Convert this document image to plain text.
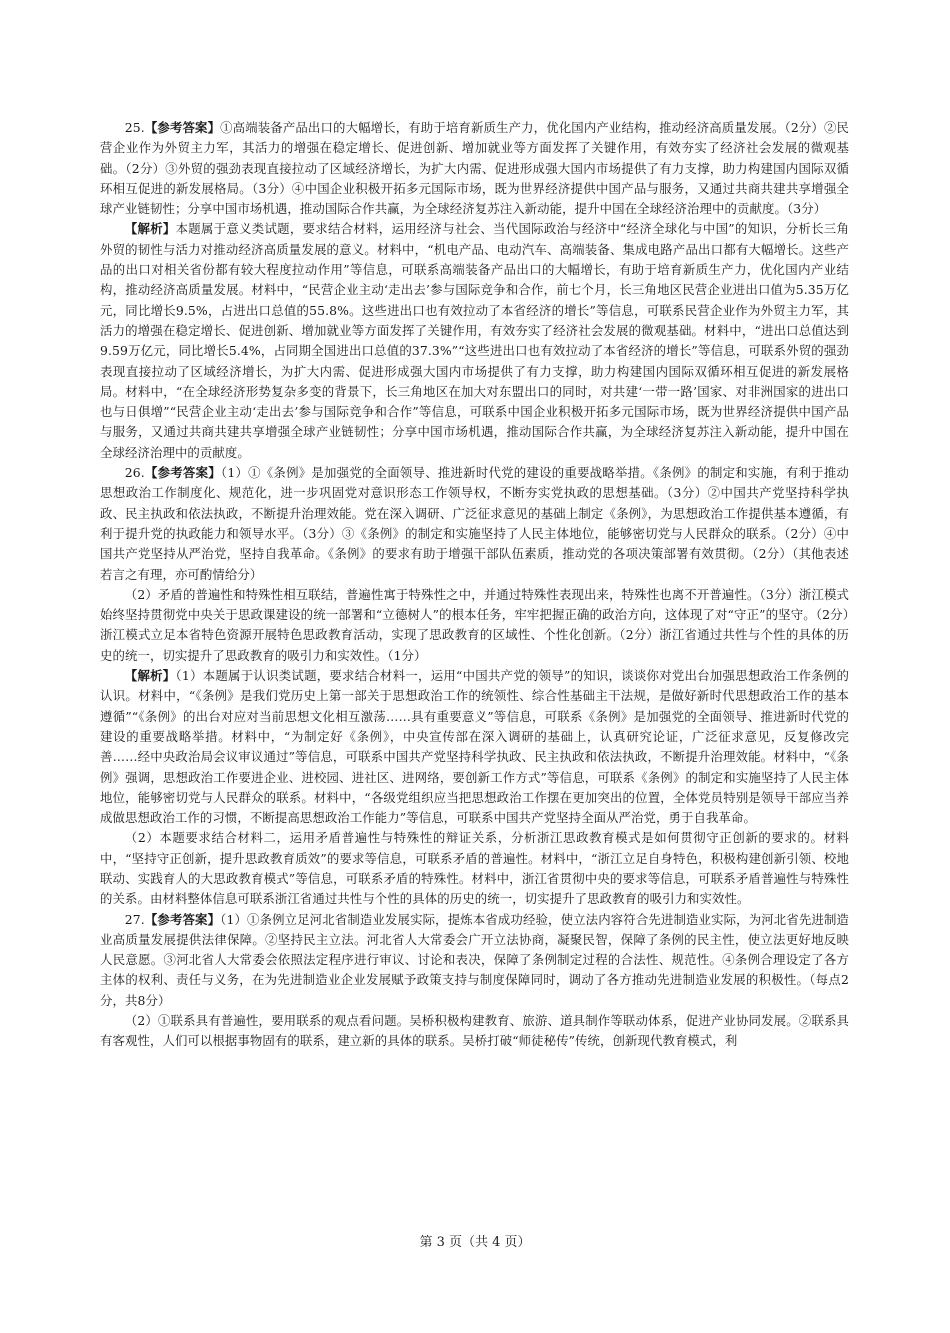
25.【参考答案】①高端装备产品出口的大幅增长，有助于培育新质生产力，优化国内产业结构，推动经济高质量发展。（2分）②民营企业作为外贸主力军，其活力的增强在稳定增长、促进创新、增加就业等方面发挥了关键作用，有效夯实了经济社会发展的微观基础。（2分）③外贸的强劲表现直接拉动了区域经济增长，为扩大内需、促进形成强大国内市场提供了有力支撑，助力构建国内国际双循环相互促进的新发展格局。（3分）④中国企业积极开拓多元国际市场，既为世界经济提供中国产品与服务，又通过共商共建共享增强全球产业链韧性；分享中国市场机遇，推动国际合作共赢，为全球经济复苏注入新动能，提升中国在全球经济治理中的贡献度。（3分）

【解析】本题属于意义类试题，要求结合材料，运用经济与社会、当代国际政治与经济中“经济全球化与中国”的知识，分析长三角外贸的韧性与活力对推动经济高质量发展的意义。材料中，“机电产品、电动汽车、高端装备、集成电路产品出口都有大幅增长。这些产品的出口对相关省份都有较大程度拉动作用”等信息，可联系高端装备产品出口的大幅增长，有助于培育新质生产力，优化国内产业结构，推动经济高质量发展。材料中，“民营企业主动‘走出去’参与国际竞争和合作，前七个月，长三角地区民营企业进出口值为5.35万亿元，同比增长9.5%，占进出口总值的55.8%。这些进出口也有效拉动了本省经济的增长”等信息，可联系民营企业作为外贸主力军，其活力的增强在稳定增长、促进创新、增加就业等方面发挥了关键作用，有效夯实了经济社会发展的微观基础。材料中，“进出口总值达到9.59万亿元，同比增长5.4%，占同期全国进出口总值的37.3%”“这些进出口也有效拉动了本省经济的增长”等信息，可联系外贸的强劲表现直接拉动了区域经济增长，为扩大内需、促进形成强大国内市场提供了有力支撑，助力构建国内国际双循环相互促进的新发展格局。材料中，“在全球经济形势复杂多变的背景下，长三角地区在加大对东盟出口的同时，对共建‘一带一路’国家、对非洲国家的进出口也与日俱增”“民营企业主动‘走出去’参与国际竞争和合作”等信息，可联系中国企业积极开拓多元国际市场，既为世界经济提供中国产品与服务，又通过共商共建共享增强全球产业链韧性；分享中国市场机遇，推动国际合作共赢，为全球经济复苏注入新动能，提升中国在全球经济治理中的贡献度。

26.【参考答案】（1）①《条例》是加强党的全面领导、推进新时代党的建设的重要战略举措。《条例》的制定和实施，有利于推动思想政治工作制度化、规范化，进一步巩固党对意识形态工作领导权，不断夯实党执政的思想基础。（3分）②中国共产党坚持科学执政、民主执政和依法执政，不断提升治理效能。党在深入调研、广泛征求意见的基础上制定《条例》，为思想政治工作提供基本遵循，有利于提升党的执政能力和领导水平。（3分）③《条例》的制定和实施坚持了人民主体地位，能够密切党与人民群众的联系。（2分）④中国共产党坚持从严治党，坚持自我革命。《条例》的要求有助于增强干部队伍素质，推动党的各项决策部署有效贯彻。（2分）（其他表述若言之有理，亦可酌情给分）

（2）矛盾的普遍性和特殊性相互联结，普遍性寓于特殊性之中，并通过特殊性表现出来，特殊性也离不开普遍性。（3分）浙江模式始终坚持贯彻党中央关于思政课建设的统一部署和“立德树人”的根本任务，牢牢把握正确的政治方向，这体现了对“守正”的坚守。（2分）浙江模式立足本省特色资源开展特色思政教育活动，实现了思政教育的区域性、个性化创新。（2分）浙江省通过共性与个性的具体的历史的统一，切实提升了思政教育的吸引力和实效性。（1分）

【解析】（1）本题属于认识类试题，要求结合材料一，运用“中国共产党的领导”的知识，谈谈你对党出台加强思想政治工作条例的认识。材料中，“《条例》是我们党历史上第一部关于思想政治工作的统领性、综合性基础主干法规，是做好新时代思想政治工作的基本遵循”“《条例》的出台对应对当前思想文化相互激荡……具有重要意义”等信息，可联系《条例》是加强党的全面领导、推进新时代党的建设的重要战略举措。材料中，“为制定好《条例》，中央宣传部在深入调研的基础上，认真研究论证，广泛征求意见，反复修改完善……经中央政治局会议审议通过”等信息，可联系中国共产党坚持科学执政、民主执政和依法执政，不断提升治理效能。材料中，“《条例》强调，思想政治工作要进企业、进校园、进社区、进网络，要创新工作方式”等信息，可联系《条例》的制定和实施坚持了人民主体地位，能够密切党与人民群众的联系。材料中，“各级党组织应当把思想政治工作摆在更加突出的位置，全体党员特别是领导干部应当养成做思想政治工作的习惯，不断提高思想政治工作能力”等信息，可联系中国共产党坚持全面从严治党，勇于自我革命。

（2）本题要求结合材料二，运用矛盾普遍性与特殊性的辩证关系，分析浙江思政教育模式是如何贯彻守正创新的要求的。材料中，“坚持守正创新，提升思政教育质效”的要求等信息，可联系矛盾的普遍性。材料中，“浙江立足自身特色，积极构建创新引领、校地联动、实践育人的大思政教育模式”等信息，可联系矛盾的特殊性。材料中，浙江省贯彻中央的要求等信息，可联系矛盾普遍性与特殊性的关系。由材料整体信息可联系浙江省通过共性与个性的具体的历史的统一，切实提升了思政教育的吸引力和实效性。

27.【参考答案】（1）①条例立足河北省制造业发展实际，提炼本省成功经验，使立法内容符合先进制造业实际，为河北省先进制造业高质量发展提供法律保障。②坚持民主立法。河北省人大常委会广开立法协商，凝聚民智，保障了条例的民主性，使立法更好地反映人民意愿。③河北省人大常委会依照法定程序进行审议、讨论和表决，保障了条例制定过程的合法性、规范性。④条例合理设定了各方主体的权利、责任与义务，在为先进制造业企业发展赋予政策支持与制度保障同时，调动了各方推动先进制造业发展的积极性。（每点2分，共8分）

（2）①联系具有普遍性，要用联系的观点看问题。吴桥积极构建教育、旅游、道具制作等联动体系，促进产业协同发展。②联系具有客观性，人们可以根据事物固有的联系，建立新的具体的联系。吴桥打破“师徒秘传”传统，创新现代教育模式，利

第 3 页（共 4 页）
